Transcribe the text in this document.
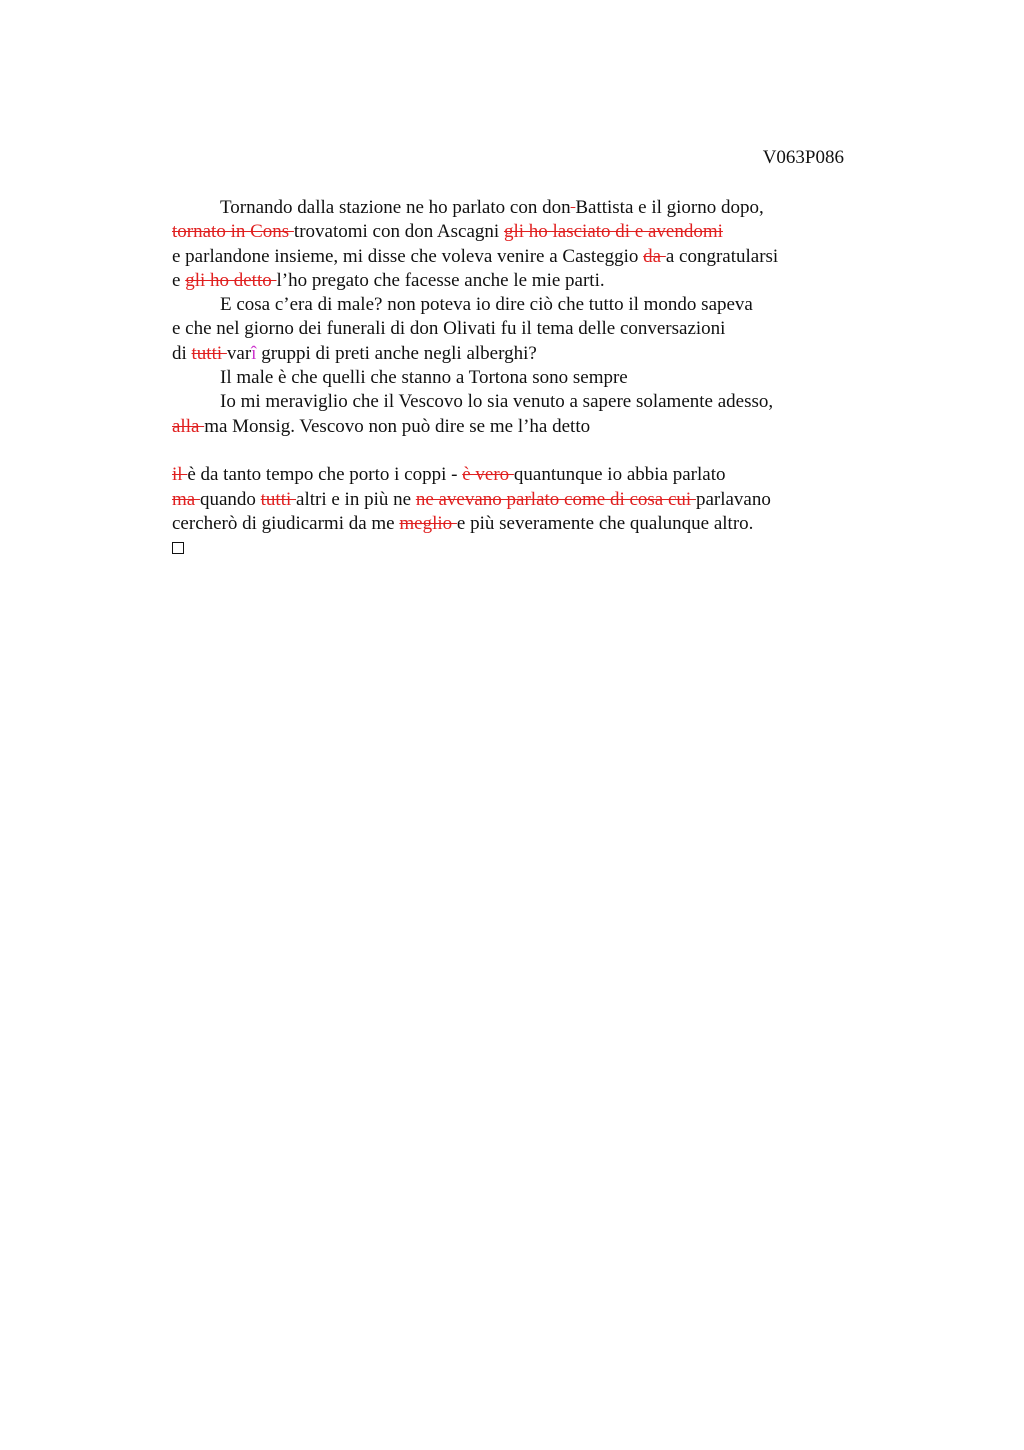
V063P086
Tornando dalla stazione ne ho parlato con don Battista e il giorno dopo,
tornato in Cons trovatomi con don Ascagni gli ho lasciato di e avendomi
e parlandone insieme, mi disse che voleva venire a Casteggio da a congratularsi
e gli ho detto l’ho pregato che facesse anche le mie parti.
E cosa c’era di male? non poteva io dire ciò che tutto il mondo sapeva
e che nel giorno dei funerali di don Olivati fu il tema delle conversazioni
di tutti varî gruppi di preti anche negli alberghi?
Il male è che quelli che stanno a Tortona sono sempre
Io mi meraviglio che il Vescovo lo sia venuto a sapere solamente adesso,
alla ma Monsig. Vescovo non può dire se me l’ha detto
il è da tanto tempo che porto i coppi - è vero quantunque io abbia parlato
ma quando tutti altri e in più ne ne avevano parlato come di cosa cui parlavano
cercherò di giudicarmi da me meglio e più severamente che qualunque altro.
